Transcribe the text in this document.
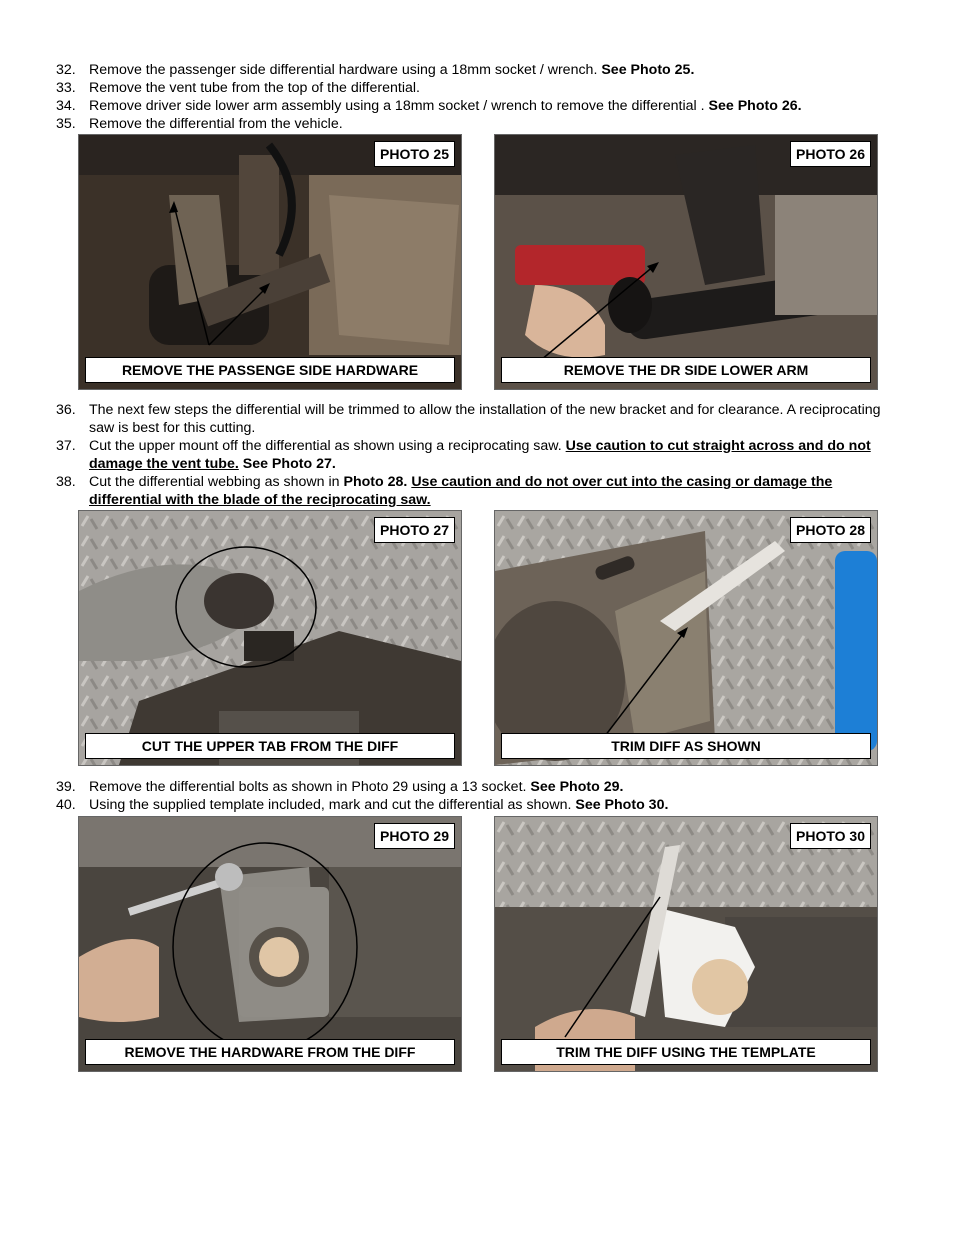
32. Remove the passenger side differential hardware using a 18mm socket / wrench. See Photo 25.
33. Remove the vent tube from the top of the differential.
34. Remove driver side lower arm assembly using a 18mm socket / wrench to remove the differential . See Photo 26.
35. Remove the differential from the vehicle.
PHOTO 25
REMOVE THE PASSENGE SIDE HARDWARE
PHOTO 26
REMOVE THE DR SIDE LOWER ARM
36. The next few steps the differential will be trimmed to allow the installation of the new bracket and for clearance. A reciprocating saw is best for this cutting.
37. Cut the upper mount off the differential as shown using a reciprocating saw. Use caution to cut straight across and do not damage the vent tube. See Photo 27.
38. Cut the differential webbing as shown in Photo 28. Use caution and do not over cut into the casing or damage the differential with the blade of the reciprocating saw.
PHOTO 27
CUT THE UPPER TAB FROM THE DIFF
PHOTO 28
TRIM DIFF AS SHOWN
39. Remove the differential bolts as shown in Photo 29 using a 13 socket. See Photo 29.
40. Using the supplied template included, mark and cut the differential as shown. See Photo 30.
PHOTO 29
REMOVE THE HARDWARE FROM THE DIFF
PHOTO 30
TRIM THE DIFF USING THE TEMPLATE
